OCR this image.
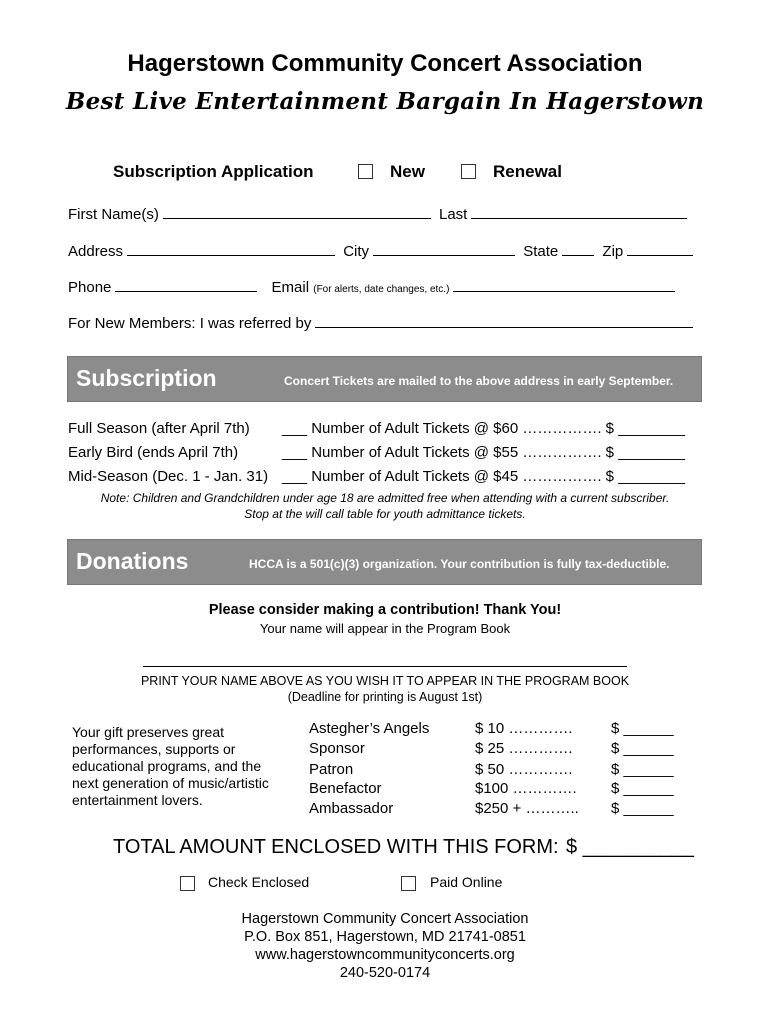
Hagerstown Community Concert Association
Best Live Entertainment Bargain In Hagerstown
Subscription Application	New	Renewal
First Name(s)	Last
Address	City	State	Zip
Phone	Email (For alerts, date changes, etc.)
For New Members: I was referred by
Subscription	Concert Tickets are mailed to the above address in early September.
Full Season (after April 7th) ___ Number of Adult Tickets @ $60 ……………. $ ________
Early Bird (ends April 7th)	___ Number of Adult Tickets @ $55 ……………. $ ________
Mid-Season (Dec. 1 - Jan. 31) ___ Number of Adult Tickets @ $45 ……………. $ ________
Note: Children and Grandchildren under age 18 are admitted free when attending with a current subscriber.
Stop at the will call table for youth admittance tickets.
Donations	HCCA is a 501(c)(3) organization. Your contribution is fully tax-deductible.
Please consider making a contribution! Thank You!
Your name will appear in the Program Book
PRINT YOUR NAME ABOVE AS YOU WISH IT TO APPEAR IN THE PROGRAM BOOK
(Deadline for printing is August 1st)
Your gift preserves great performances, supports or educational programs, and the next generation of music/artistic entertainment lovers.
Astegher’s Angels	$ 10 ………….	$ ______
Sponsor	$ 25 ………….	$ ______
Patron	$ 50 ………….	$ ______
Benefactor	$100 …………. $ ______
Ambassador	$250 + ……….. $ ______
TOTAL AMOUNT ENCLOSED WITH THIS FORM: $ __________
Check Enclosed	Paid Online
Hagerstown Community Concert Association
P.O. Box 851, Hagerstown, MD 21741-0851
www.hagerstowncommunityconcerts.org
240-520-0174
